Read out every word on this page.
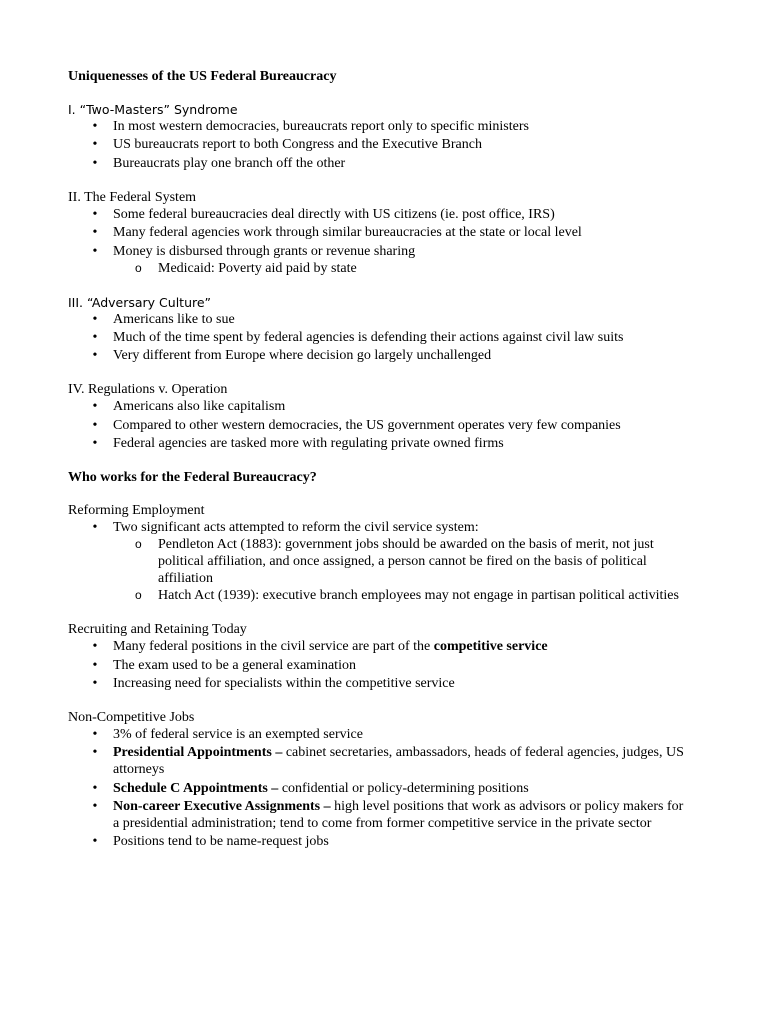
Uniquenesses of the US Federal Bureaucracy

I. “Two-Masters” Syndrome

•	In most western democracies, bureaucrats report only to specific ministers
•	US bureaucrats report to both Congress and the Executive Branch
•	Bureaucrats play one branch off the other

II. The Federal System

•	Some federal bureaucracies deal directly with US citizens (ie. post office, IRS)
•	Many federal agencies work through similar bureaucracies at the state or local level
•	Money is disbursed through grants or revenue sharing
o Medicaid: Poverty aid paid by state

III. “Adversary Culture”

•	Americans like to sue
•	Much of the time spent by federal agencies is defending their actions against civil law suits
•	Very different from Europe where decision go largely unchallenged

IV. Regulations v. Operation

•	Americans also like capitalism
•	Compared to other western democracies, the US government operates very few companies
•	Federal agencies are tasked more with regulating private owned firms

Who works for the Federal Bureaucracy?

Reforming Employment

•	Two significant acts attempted to reform the civil service system:
o Pendleton Act (1883): government jobs should be awarded on the basis of merit, not just political affiliation, and once assigned, a person cannot be fired on the basis of political affiliation
o Hatch Act (1939): executive branch employees may not engage in partisan political activities

Recruiting and Retaining Today

•	Many federal positions in the civil service are part of the competitive service
•	The exam used to be a general examination
•	Increasing need for specialists within the competitive service

Non-Competitive Jobs

•	3% of federal service is an exempted service
•	Presidential Appointments – cabinet secretaries, ambassadors, heads of federal agencies, judges, US attorneys
•	Schedule C Appointments – confidential or policy-determining positions
•	Non-career Executive Assignments – high level positions that work as advisors or policy makers for a presidential administration; tend to come from former competitive service in the private sector
•	Positions tend to be name-request jobs
